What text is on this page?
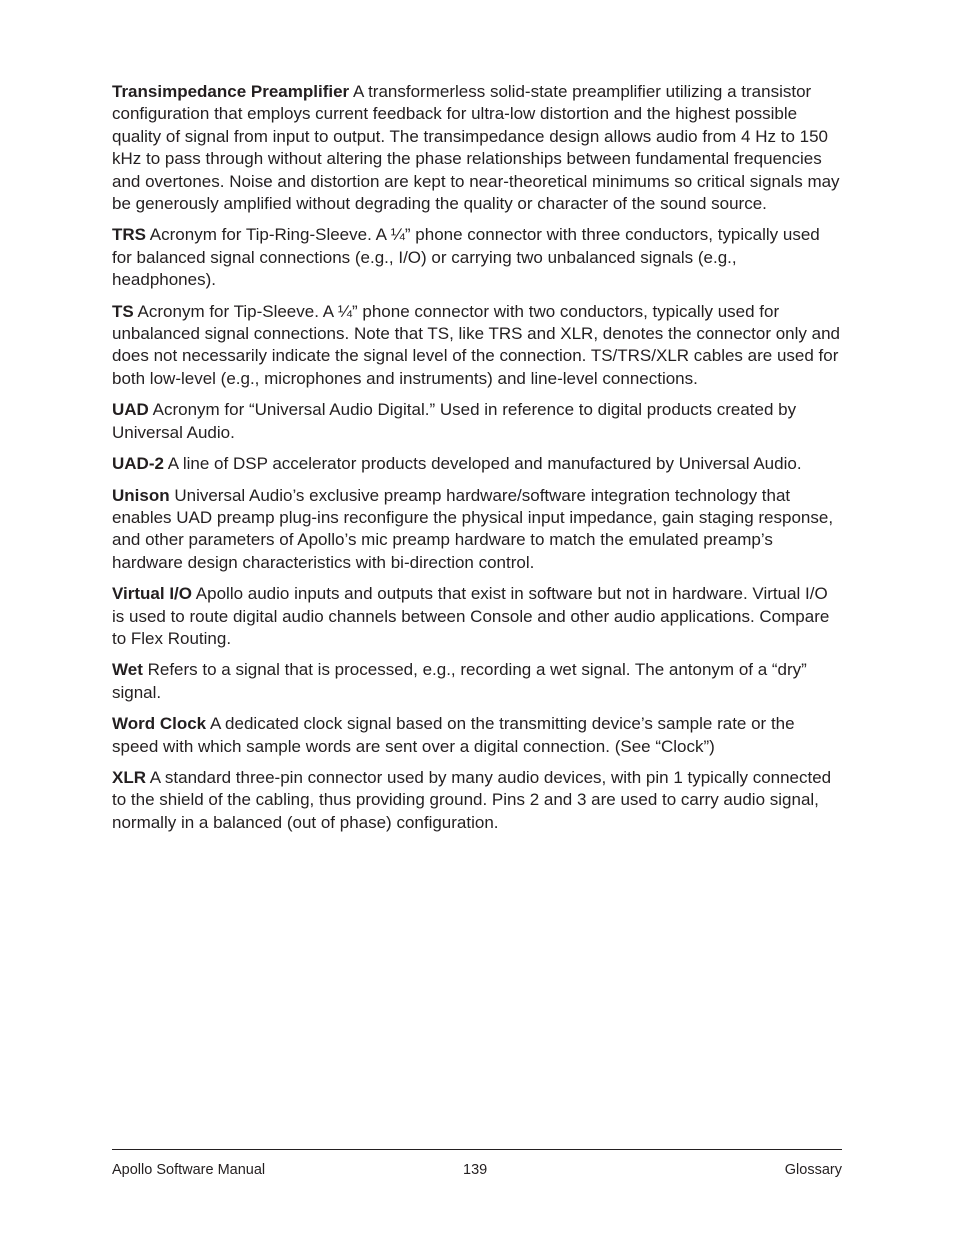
Transimpedance Preamplifier A transformerless solid-state preamplifier utilizing a transistor configuration that employs current feedback for ultra-low distortion and the highest possible quality of signal from input to output. The transimpedance design allows audio from 4 Hz to 150 kHz to pass through without altering the phase relationships between fundamental frequencies and overtones. Noise and distortion are kept to near-theoretical minimums so critical signals may be generously amplified without degrading the quality or character of the sound source.

TRS Acronym for Tip-Ring-Sleeve. A ¼” phone connector with three conductors, typically used for balanced signal connections (e.g., I/O) or carrying two unbalanced signals (e.g., headphones).

TS Acronym for Tip-Sleeve. A ¼” phone connector with two conductors, typically used for unbalanced signal connections. Note that TS, like TRS and XLR, denotes the connector only and does not necessarily indicate the signal level of the connection. TS/TRS/XLR cables are used for both low-level (e.g., microphones and instruments) and line-level connections.

UAD Acronym for “Universal Audio Digital.” Used in reference to digital products created by Universal Audio.

UAD-2 A line of DSP accelerator products developed and manufactured by Universal Audio.

Unison Universal Audio’s exclusive preamp hardware/software integration technology that enables UAD preamp plug-ins reconfigure the physical input impedance, gain staging response, and other parameters of Apollo’s mic preamp hardware to match the emulated preamp’s hardware design characteristics with bi-direction control.

Virtual I/O Apollo audio inputs and outputs that exist in software but not in hardware. Virtual I/O is used to route digital audio channels between Console and other audio applications. Compare to Flex Routing.

Wet Refers to a signal that is processed, e.g., recording a wet signal. The antonym of a “dry” signal.

Word Clock A dedicated clock signal based on the transmitting device’s sample rate or the speed with which sample words are sent over a digital connection. (See “Clock”)

XLR A standard three-pin connector used by many audio devices, with pin 1 typically connected to the shield of the cabling, thus providing ground. Pins 2 and 3 are used to carry audio signal, normally in a balanced (out of phase) configuration.

Apollo Software Manual	139	Glossary
